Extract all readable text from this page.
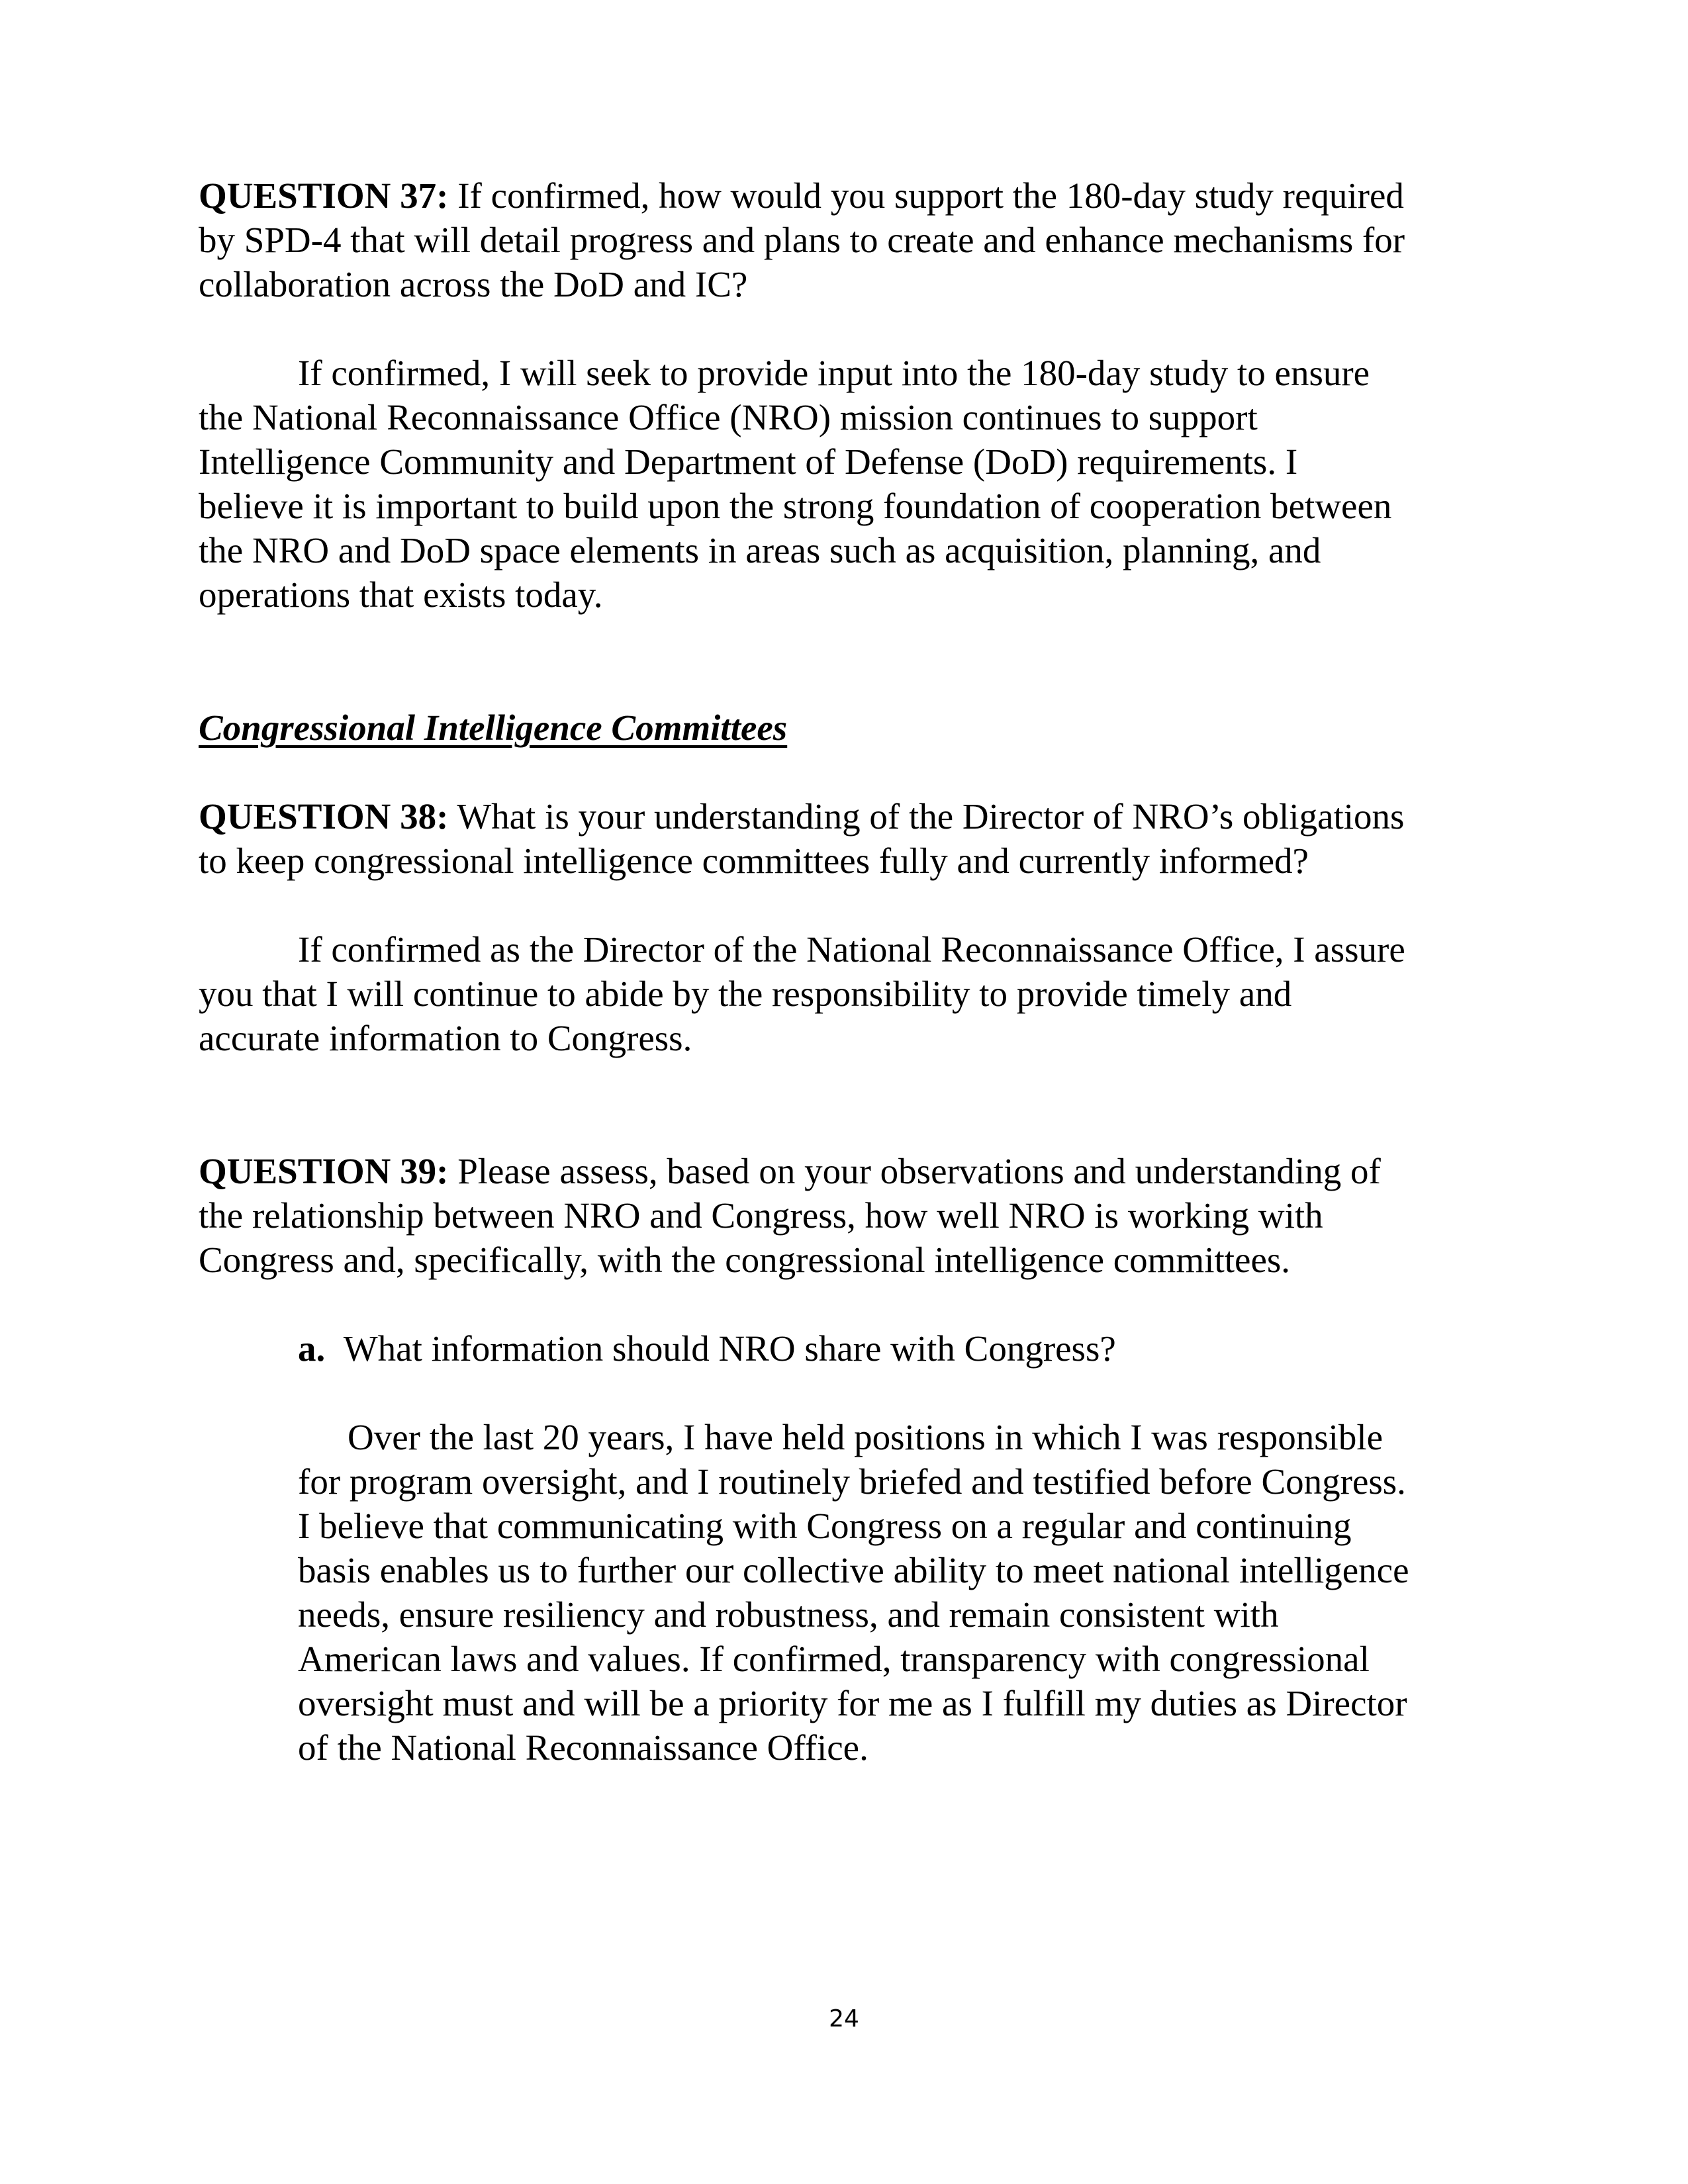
QUESTION 37: If confirmed, how would you support the 180-day study required
by SPD-4 that will detail progress and plans to create and enhance mechanisms for
collaboration across the DoD and IC?
If confirmed, I will seek to provide input into the 180-day study to ensure
the National Reconnaissance Office (NRO) mission continues to support
Intelligence Community and Department of Defense (DoD) requirements. I
believe it is important to build upon the strong foundation of cooperation between
the NRO and DoD space elements in areas such as acquisition, planning, and
operations that exists today.
Congressional Intelligence Committees
QUESTION 38: What is your understanding of the Director of NRO’s obligations
to keep congressional intelligence committees fully and currently informed?
If confirmed as the Director of the National Reconnaissance Office, I assure
you that I will continue to abide by the responsibility to provide timely and
accurate information to Congress.
QUESTION 39: Please assess, based on your observations and understanding of
the relationship between NRO and Congress, how well NRO is working with
Congress and, specifically, with the congressional intelligence committees.
a. What information should NRO share with Congress?
Over the last 20 years, I have held positions in which I was responsible
for program oversight, and I routinely briefed and testified before Congress.
I believe that communicating with Congress on a regular and continuing
basis enables us to further our collective ability to meet national intelligence
needs, ensure resiliency and robustness, and remain consistent with
American laws and values. If confirmed, transparency with congressional
oversight must and will be a priority for me as I fulfill my duties as Director
of the National Reconnaissance Office.
24
